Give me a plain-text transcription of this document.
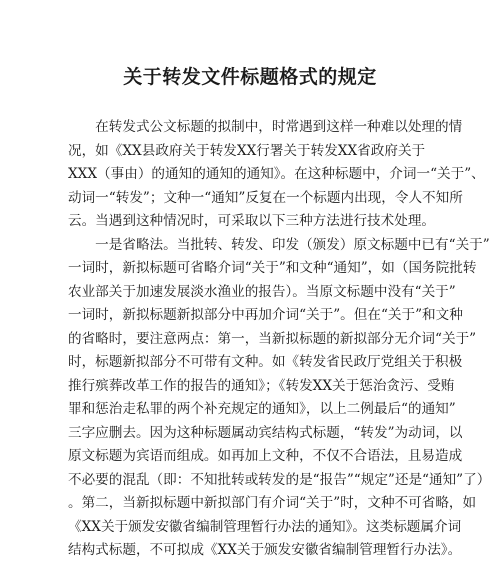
关于转发文件标题格式的规定
　　在转发式公文标题的拟制中，时常遇到这样一种难以处理的情
况，如《XX县政府关于转发XX行署关于转发XX省政府关于
XXX（事由）的通知的通知的通知》。在这种标题中，介词一“关于”、
动词一“转发”；文种一“通知”反复在一个标题内出现，令人不知所
云。当遇到这种情况时，可采取以下三种方法进行技术处理。
　　一是省略法。当批转、转发、印发（颁发）原文标题中已有“关于”
一词时，新拟标题可省略介词“关于”和文种“通知”，如（国务院批转
农业部关于加速发展淡水渔业的报告）。当原文标题中没有“关于”
一词时，新拟标题新拟部分中再加介词“关于”。但在“关于”和文种
的省略时，要注意两点：第一，当新拟标题的新拟部分无介词“关于”
时，标题新拟部分不可带有文种。如《转发省民政厅党组关于积极
推行殡葬改革工作的报告的通知》；《转发XX关于惩治贪污、受贿
罪和惩治走私罪的两个补充规定的通知》，以上二例最后“的通知”
三字应删去。因为这种标题属动宾结构式标题，“转发”为动词，以
原文标题为宾语而组成。如再加上文种，不仅不合语法，且易造成
不必要的混乱（即：不知批转或转发的是“报告”“规定”还是“通知”了）
。第二，当新拟标题中新拟部门有介词“关于”时，文种不可省略，如
《XX关于颁发安徽省编制管理暂行办法的通知》。这类标题属介词
结构式标题，不可拟成《XX关于颁发安徽省编制管理暂行办法》。
